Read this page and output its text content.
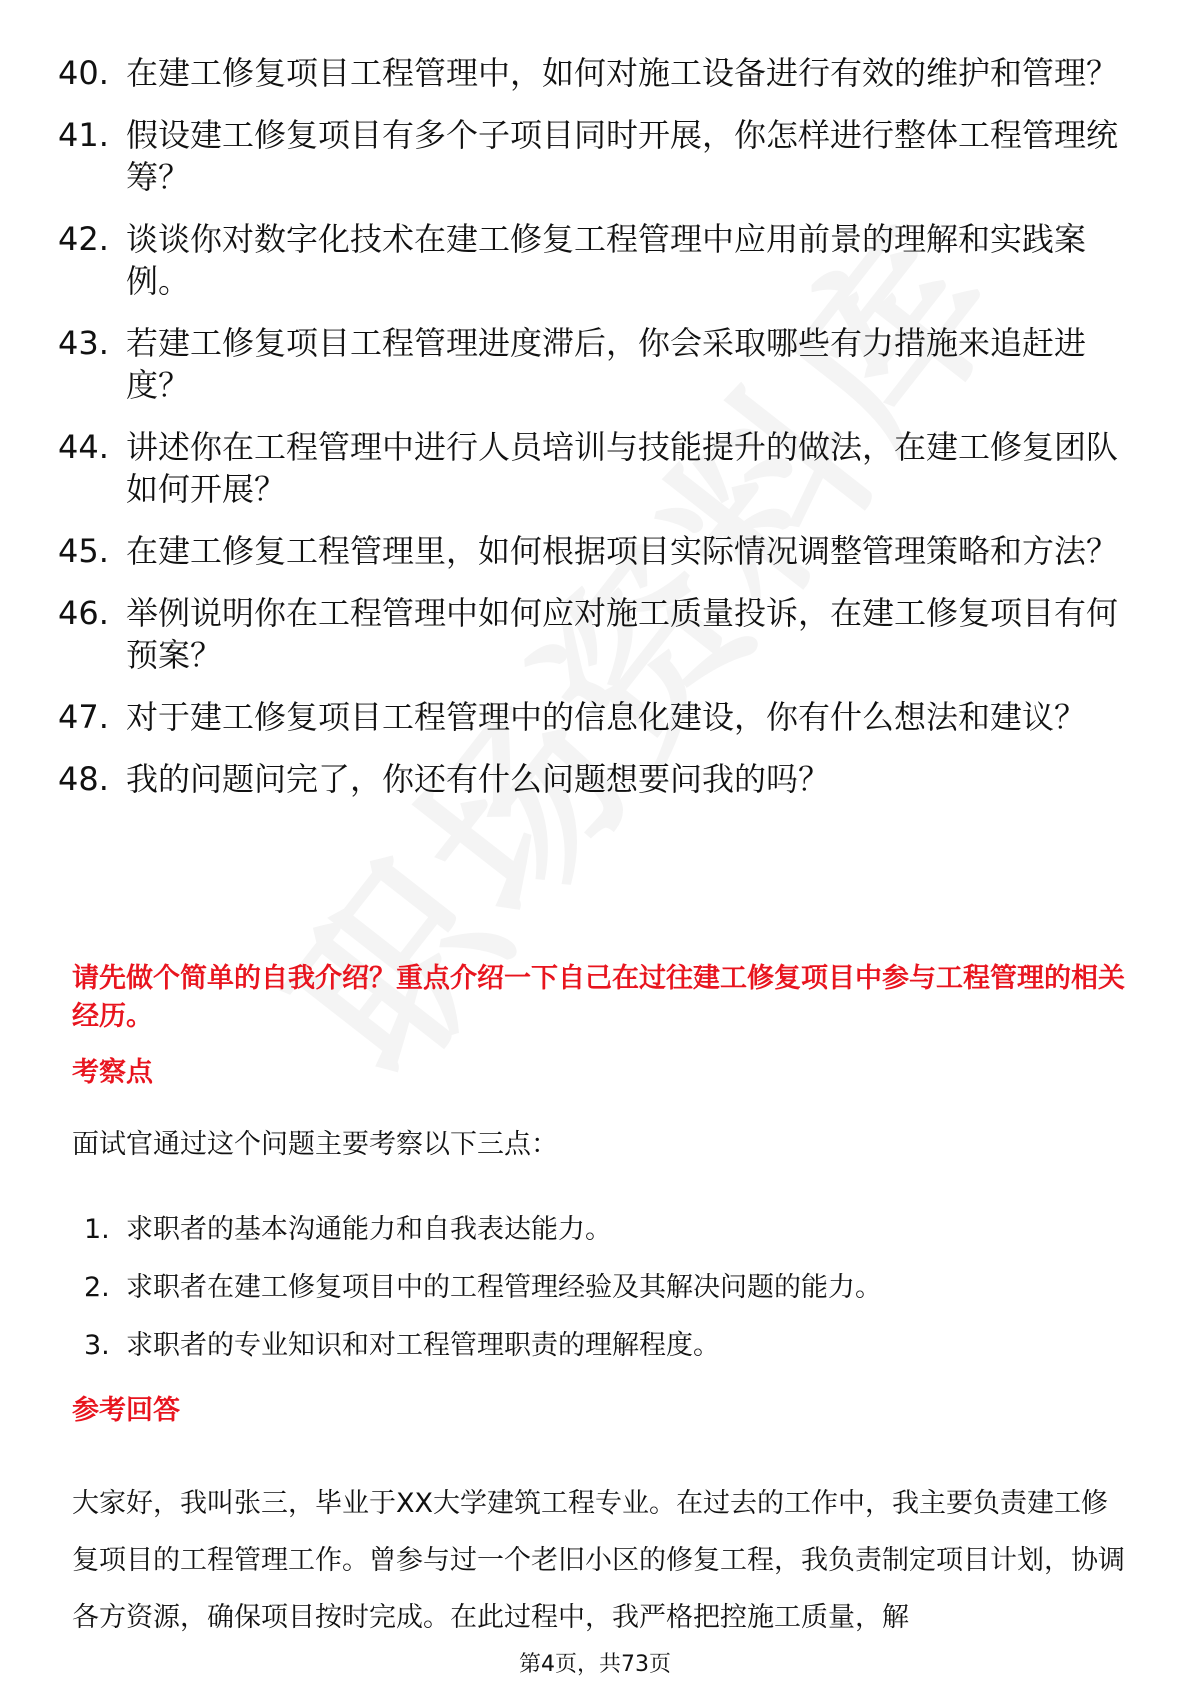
40. 在建工修复项目工程管理中，如何对施工设备进行有效的维护和管理？
41. 假设建工修复项目有多个子项目同时开展，你怎样进行整体工程管理统筹？
42. 谈谈你对数字化技术在建工修复工程管理中应用前景的理解和实践案例。
43. 若建工修复项目工程管理进度滞后，你会采取哪些有力措施来追赶进度？
44. 讲述你在工程管理中进行人员培训与技能提升的做法，在建工修复团队如何开展？
45. 在建工修复工程管理里，如何根据项目实际情况调整管理策略和方法？
46. 举例说明你在工程管理中如何应对施工质量投诉，在建工修复项目有何预案？
47. 对于建工修复项目工程管理中的信息化建设，你有什么想法和建议？
48. 我的问题问完了，你还有什么问题想要问我的吗？
请先做个简单的自我介绍？重点介绍一下自己在过往建工修复项目中参与工程管理的相关经历。
考察点
面试官通过这个问题主要考察以下三点：
1. 求职者的基本沟通能力和自我表达能力。
2. 求职者在建工修复项目中的工程管理经验及其解决问题的能力。
3. 求职者的专业知识和对工程管理职责的理解程度。
参考回答

大家好，我叫张三，毕业于XX大学建筑工程专业。在过去的工作中，我主要负责建工修复项目的工程管理工作。曾参与过一个老旧小区的修复工程，我负责制定项目计划，协调各方资源，确保项目按时完成。在此过程中，我严格把控施工质量，解

第4页，共73页
